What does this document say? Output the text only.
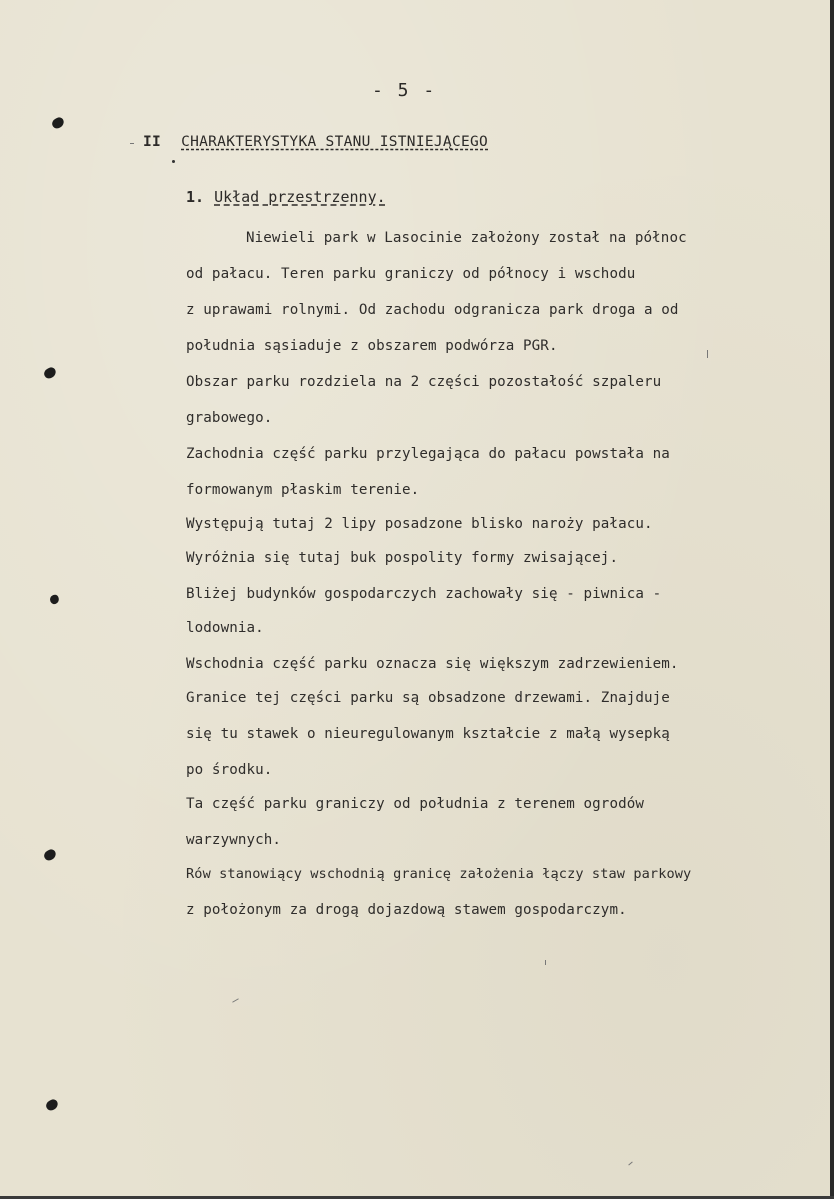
- 5 -
II CHARAKTERYSTYKA STANU ISTNIEJĄCEGO
1. Układ przestrzenny.
Niewieli park w Lasocinie założony został na północ
od pałacu. Teren parku graniczy od północy i wschodu
z uprawami rolnymi. Od zachodu odgranicza park droga a od
południa sąsiaduje z obszarem podwórza PGR.
Obszar parku rozdziela na 2 części pozostałość szpaleru
grabowego.
Zachodnia część parku przylegająca do pałacu powstała na
formowanym płaskim terenie.
Występują tutaj 2 lipy posadzone blisko naroży pałacu.
Wyróżnia się tutaj buk pospolity formy zwisającej.
Bliżej budynków gospodarczych zachowały się - piwnica -
lodownia.
Wschodnia część parku oznacza się większym zadrzewieniem.
Granice tej części parku są obsadzone drzewami. Znajduje
się tu stawek o nieuregulowanym kształcie z małą wysepką
po środku.
Ta część parku graniczy od południa z terenem ogrodów
warzywnych.
Rów stanowiący wschodnią granicę założenia łączy staw parkowy
z położonym za drogą dojazdową stawem gospodarczym.
